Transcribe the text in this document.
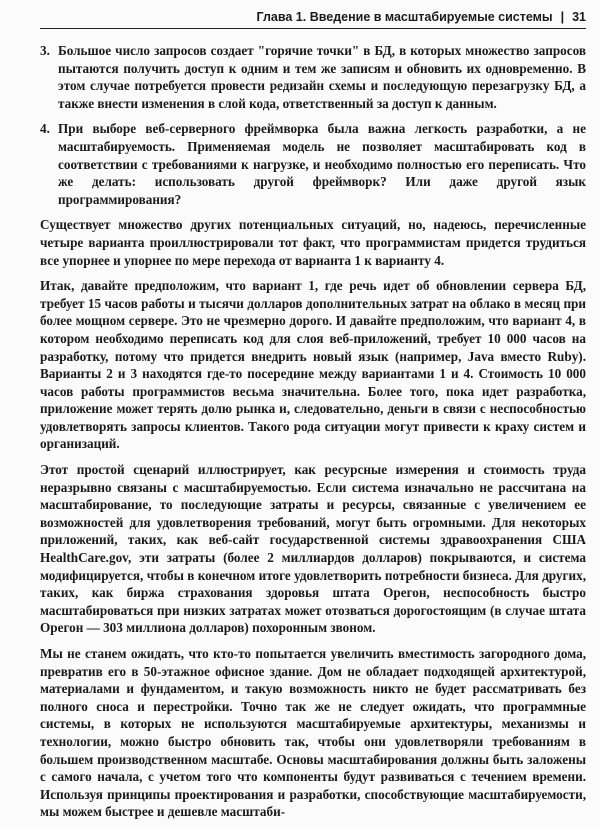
Глава 1. Введение в масштабируемые системы | 31
3. Большое число запросов создает "горячие точки" в БД, в которых множество запросов пытаются получить доступ к одним и тем же записям и обновить их одновременно. В этом случае потребуется провести редизайн схемы и последующую перезагрузку БД, а также внести изменения в слой кода, ответственный за доступ к данным.
4. При выборе веб-серверного фреймворка была важна легкость разработки, а не масштабируемость. Применяемая модель не позволяет масштабировать код в соответствии с требованиями к нагрузке, и необходимо полностью его переписать. Что же делать: использовать другой фреймворк? Или даже другой язык программирования?

Существует множество других потенциальных ситуаций, но, надеюсь, перечисленные четыре варианта проиллюстрировали тот факт, что программистам придется трудиться все упорнее и упорнее по мере перехода от варианта 1 к варианту 4.

Итак, давайте предположим, что вариант 1, где речь идет об обновлении сервера БД, требует 15 часов работы и тысячи долларов дополнительных затрат на облако в месяц при более мощном сервере. Это не чрезмерно дорого. И давайте предположим, что вариант 4, в котором необходимо переписать код для слоя веб-приложений, требует 10 000 часов на разработку, потому что придется внедрить новый язык (например, Java вместо Ruby). Варианты 2 и 3 находятся где-то посередине между вариантами 1 и 4. Стоимость 10 000 часов работы программистов весьма значительна. Более того, пока идет разработка, приложение может терять долю рынка и, следовательно, деньги в связи с неспособностью удовлетворять запросы клиентов. Такого рода ситуации могут привести к краху систем и организаций.

Этот простой сценарий иллюстрирует, как ресурсные измерения и стоимость труда неразрывно связаны с масштабируемостью. Если система изначально не рассчитана на масштабирование, то последующие затраты и ресурсы, связанные с увеличением ее возможностей для удовлетворения требований, могут быть огромными. Для некоторых приложений, таких, как веб-сайт государственной системы здравоохранения США HealthCare.gov, эти затраты (более 2 миллиардов долларов) покрываются, и система модифицируется, чтобы в конечном итоге удовлетворить потребности бизнеса. Для других, таких, как биржа страхования здоровья штата Орегон, неспособность быстро масштабироваться при низких затратах может отозваться дорогостоящим (в случае штата Орегон — 303 миллиона долларов) похоронным звоном.

Мы не станем ожидать, что кто-то попытается увеличить вместимость загородного дома, превратив его в 50-этажное офисное здание. Дом не обладает подходящей архитектурой, материалами и фундаментом, и такую возможность никто не будет рассматривать без полного сноса и перестройки. Точно так же не следует ожидать, что программные системы, в которых не используются масштабируемые архитектуры, механизмы и технологии, можно быстро обновить так, чтобы они удовлетворяли требованиям в большем производственном масштабе. Основы масштабирования должны быть заложены с самого начала, с учетом того что компоненты будут развиваться с течением времени. Используя принципы проектирования и разработки, способствующие масштабируемости, мы можем быстрее и дешевле масштаби-
